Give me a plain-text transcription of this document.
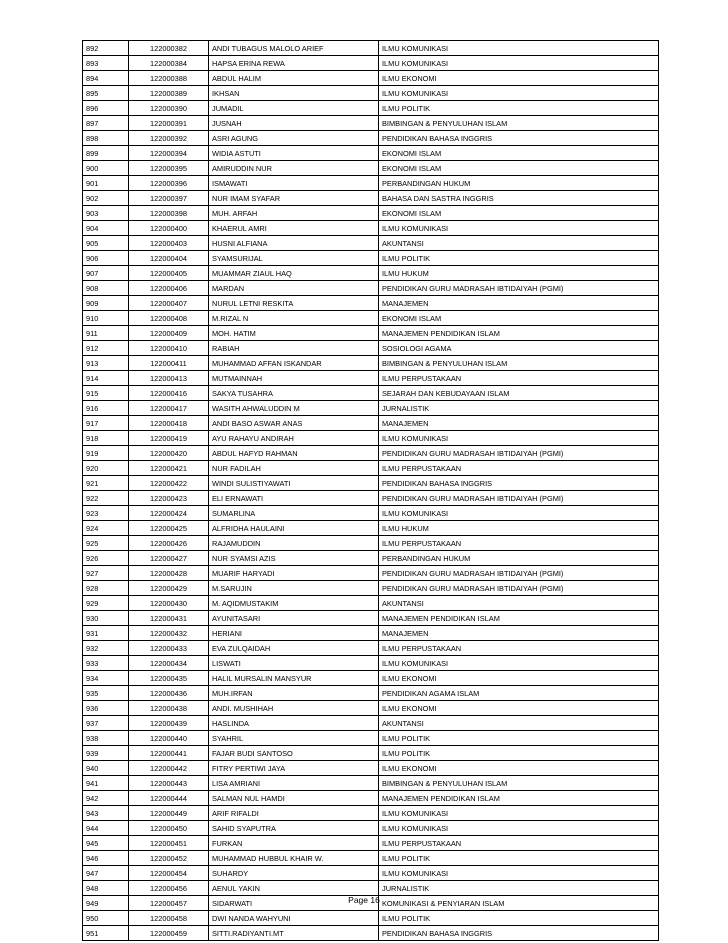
892	122000382	ANDI TUBAGUS MALOLO ARIEF	ILMU KOMUNIKASI
893	122000384	HAPSA ERINA REWA	ILMU KOMUNIKASI
894	122000388	ABDUL HALIM	ILMU EKONOMI
895	122000389	IKHSAN	ILMU KOMUNIKASI
896	122000390	JUMADIL	ILMU POLITIK
897	122000391	JUSNAH	BIMBINGAN & PENYULUHAN ISLAM
898	122000392	ASRI AGUNG	PENDIDIKAN BAHASA INGGRIS
899	122000394	WIDIA ASTUTI	EKONOMI ISLAM
900	122000395	AMIRUDDIN NUR	EKONOMI ISLAM
901	122000396	ISMAWATI	PERBANDINGAN HUKUM
902	122000397	NUR IMAM SYAFAR	BAHASA DAN SASTRA INGGRIS
903	122000398	MUH. ARFAH	EKONOMI ISLAM
904	122000400	KHAERUL AMRI	ILMU KOMUNIKASI
905	122000403	HUSNI ALFIANA	AKUNTANSI
906	122000404	SYAMSURIJAL	ILMU POLITIK
907	122000405	MUAMMAR ZIAUL HAQ	ILMU HUKUM
908	122000406	MARDAN	PENDIDIKAN GURU MADRASAH IBTIDAIYAH (PGMI)
909	122000407	NURUL LETNI RESKITA	MANAJEMEN
910	122000408	M.RIZAL N	EKONOMI ISLAM
911	122000409	MOH. HATIM	MANAJEMEN PENDIDIKAN ISLAM
912	122000410	RABIAH	SOSIOLOGI AGAMA
913	122000411	MUHAMMAD AFFAN ISKANDAR	BIMBINGAN & PENYULUHAN ISLAM
914	122000413	MUTMAINNAH	ILMU PERPUSTAKAAN
915	122000416	SAKYA TUSAHRA	SEJARAH DAN KEBUDAYAAN ISLAM
916	122000417	WASITH AHWALUDDIN M	JURNALISTIK
917	122000418	ANDI BASO ASWAR ANAS	MANAJEMEN
918	122000419	AYU RAHAYU ANDIRAH	ILMU KOMUNIKASI
919	122000420	ABDUL HAFYD RAHMAN	PENDIDIKAN GURU MADRASAH IBTIDAIYAH (PGMI)
920	122000421	NUR FADILAH	ILMU PERPUSTAKAAN
921	122000422	WINDI SULISTIYAWATI	PENDIDIKAN BAHASA INGGRIS
922	122000423	ELI ERNAWATI	PENDIDIKAN GURU MADRASAH IBTIDAIYAH (PGMI)
923	122000424	SUMARLINA	ILMU KOMUNIKASI
924	122000425	ALFRIDHA HAULAINI	ILMU HUKUM
925	122000426	RAJAMUDDIN	ILMU PERPUSTAKAAN
926	122000427	NUR SYAMSI AZIS	PERBANDINGAN HUKUM
927	122000428	MUARIF HARYADI	PENDIDIKAN GURU MADRASAH IBTIDAIYAH (PGMI)
928	122000429	M.SARUJIN	PENDIDIKAN GURU MADRASAH IBTIDAIYAH (PGMI)
929	122000430	M. AQIDMUSTAKIM	AKUNTANSI
930	122000431	AYUNITASARI	MANAJEMEN PENDIDIKAN ISLAM
931	122000432	HERIANI	MANAJEMEN
932	122000433	EVA ZULQAIDAH	ILMU PERPUSTAKAAN
933	122000434	LISWATI	ILMU KOMUNIKASI
934	122000435	HALIL MURSALIN MANSYUR	ILMU EKONOMI
935	122000436	MUH.IRFAN	PENDIDIKAN AGAMA ISLAM
936	122000438	ANDI. MUSHIHAH	ILMU EKONOMI
937	122000439	HASLINDA	AKUNTANSI
938	122000440	SYAHRIL	ILMU POLITIK
939	122000441	FAJAR BUDI SANTOSO	ILMU POLITIK
940	122000442	FITRY PERTIWI JAYA	ILMU EKONOMI
941	122000443	LISA AMRIANI	BIMBINGAN & PENYULUHAN ISLAM
942	122000444	SALMAN NUL HAMDI	MANAJEMEN PENDIDIKAN ISLAM
943	122000449	ARIF RIFALDI	ILMU KOMUNIKASI
944	122000450	SAHID SYAPUTRA	ILMU KOMUNIKASI
945	122000451	FURKAN	ILMU PERPUSTAKAAN
946	122000452	MUHAMMAD HUBBUL KHAIR W.	ILMU POLITIK
947	122000454	SUHARDY	ILMU KOMUNIKASI
948	122000456	AENUL YAKIN	JURNALISTIK
949	122000457	SIDARWATI	KOMUNIKASI & PENYIARAN ISLAM
950	122000458	DWI NANDA WAHYUNI	ILMU POLITIK
951	122000459	SITTI.RADIYANTI.MT	PENDIDIKAN BAHASA INGGRIS
Page 16
